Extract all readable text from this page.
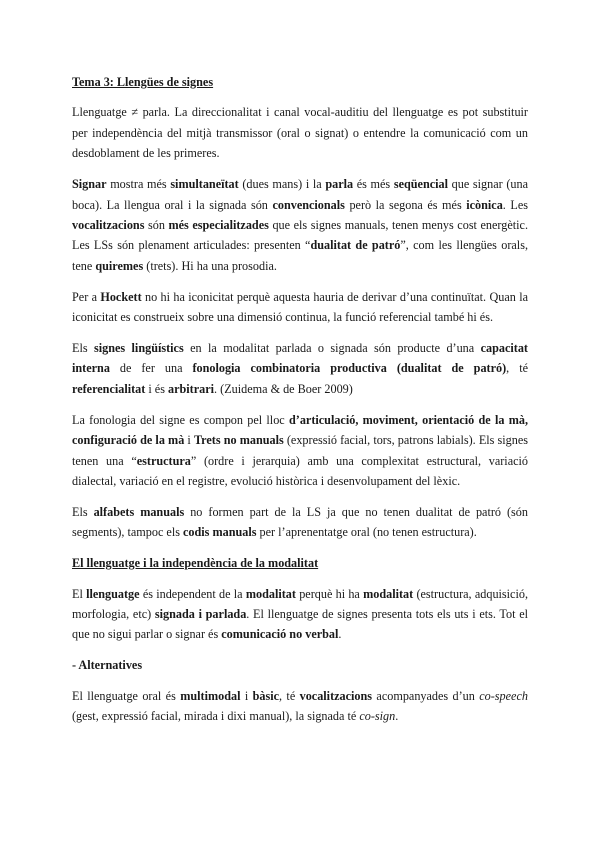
Tema 3: Llengües de signes

Llenguatge ≠ parla. La direccionalitat i canal vocal-auditiu del llenguatge es pot substituir per independència del mitjà transmissor (oral o signat) o entendre la comunicació com un desdoblament de les primeres.

Signar mostra més simultaneïtat (dues mans) i la parla és més seqüencial que signar (una boca). La llengua oral i la signada són convencionals però la segona és més icònica. Les vocalitzacions són més especialitzades que els signes manuals, tenen menys cost energètic. Les LSs són plenament articulades: presenten “dualitat de patró”, com les llengües orals, tene quiremes (trets). Hi ha una prosodia.

Per a Hockett no hi ha iconicitat perquè aquesta hauria de derivar d’una continuïtat. Quan la iconicitat es construeix sobre una dimensió continua, la funció referencial també hi és.

Els signes lingüístics en la modalitat parlada o signada són producte d’una capacitat interna de fer una fonologia combinatoria productiva (dualitat de patró), té referencialitat i és arbitrari. (Zuidema & de Boer 2009)

La fonologia del signe es compon pel lloc d’articulació, moviment, orientació de la mà, configuració de la mà i Trets no manuals (expressió facial, tors, patrons labials). Els signes tenen una “estructura” (ordre i jerarquia) amb una complexitat estructural, variació dialectal, variació en el registre, evolució històrica i desenvolupament del lèxic.

Els alfabets manuals no formen part de la LS ja que no tenen dualitat de patró (són segments), tampoc els codis manuals per l’aprenentatge oral (no tenen estructura).

El llenguatge i la independència de la modalitat

El llenguatge és independent de la modalitat perquè hi ha modalitat (estructura, adquisició, morfologia, etc) signada i parlada. El llenguatge de signes presenta tots els uts i ets. Tot el que no sigui parlar o signar és comunicació no verbal.

- Alternatives

El llenguatge oral és multimodal i bàsic, té vocalitzacions acompanyades d’un co-speech (gest, expressió facial, mirada i dixi manual), la signada té co-sign.
